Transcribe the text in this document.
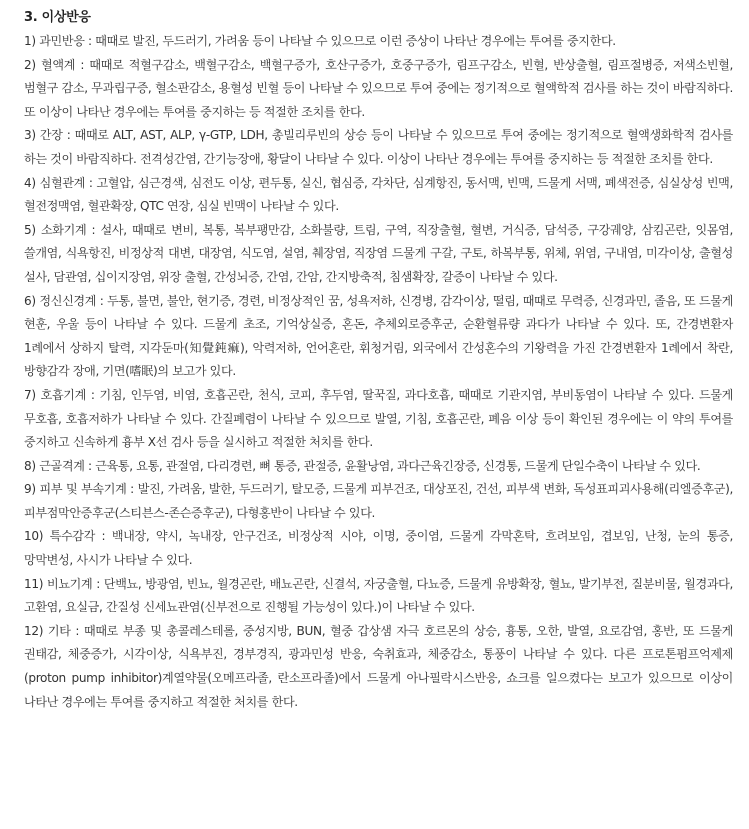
3. 이상반응

1) 과민반응 : 때때로 발진, 두드러기, 가려움 등이 나타날 수 있으므로 이런 증상이 나타난 경우에는 투여를 중지한다.

2) 혈액계 : 때때로 적혈구감소, 백혈구감소, 백혈구증가, 호산구증가, 호중구증가, 림프구감소, 빈혈, 반상출혈, 림프절병증, 저색소빈혈, 범혈구 감소, 무과립구증, 혈소판감소, 용혈성 빈혈 등이 나타날 수 있으므로 투여 중에는 정기적으로 혈액학적 검사를 하는 것이 바람직하다. 또 이상이 나타난 경우에는 투여를 중지하는 등 적절한 조치를 한다.

3) 간장 : 때때로 ALT, AST, ALP, γ-GTP, LDH, 총빌리루빈의 상승 등이 나타날 수 있으므로 투여 중에는 정기적으로 혈액생화학적 검사를 하는 것이 바람직하다. 전격성간염, 간기능장애, 황달이 나타날 수 있다. 이상이 나타난 경우에는 투여를 중지하는 등 적절한 조치를 한다.

4) 심혈관계 : 고혈압, 심근경색, 심전도 이상, 편두통, 실신, 협심증, 각차단, 심계항진, 동서맥, 빈맥, 드물게 서맥, 폐색전증, 심실상성 빈맥, 혈전정맥염, 혈관확장, QTC 연장, 심실 빈맥이 나타날 수 있다.

5) 소화기계 : 설사, 때때로 변비, 복통, 복부팽만감, 소화불량, 트림, 구역, 직장출혈, 혈변, 거식증, 담석증, 구강궤양, 삼킴곤란, 잇몸염, 쓸개염, 식욕항진, 비정상적 대변, 대장염, 식도염, 설염, 췌장염, 직장염 드물게 구갈, 구토, 하복부통, 위체, 위염, 구내염, 미각이상, 출혈성 설사, 담관염, 십이지장염, 위장 출혈, 간성뇌증, 간염, 간암, 간지방축적, 침샘확장, 갈증이 나타날 수 있다.

6) 정신신경계 : 두통, 불면, 불안, 현기증, 경련, 비정상적인 꿈, 성욕저하, 신경병, 감각이상, 떨림, 때때로 무력증, 신경과민, 졸음, 또 드물게 현훈, 우울 등이 나타날 수 있다. 드물게 초조, 기억상실증, 혼돈, 추체외로증후군, 순환혈류량 과다가 나타날 수 있다. 또, 간경변환자 1례에서 상하지 탈력, 지각둔마(知覺鈍痲), 악력저하, 언어혼란, 휘청거림, 외국에서 간성혼수의 기왕력을 가진 간경변환자 1례에서 착란, 방향감각 장애, 기면(嗜眠)의 보고가 있다.

7) 호흡기계 : 기침, 인두염, 비염, 호흡곤란, 천식, 코피, 후두염, 딸꾹질, 과다호흡, 때때로 기관지염, 부비동염이 나타날 수 있다. 드물게 무호흡, 호흡저하가 나타날 수 있다. 간질폐렴이 나타날 수 있으므로 발열, 기침, 호흡곤란, 폐음 이상 등이 확인된 경우에는 이 약의 투여를 중지하고 신속하게 흉부 X선 검사 등을 실시하고 적절한 처치를 한다.

8) 근골격계 : 근육통, 요통, 관절염, 다리경련, 뼈 통증, 관절증, 윤활낭염, 과다근육긴장증, 신경통, 드물게 단일수축이 나타날 수 있다.

9) 피부 및 부속기계 : 발진, 가려움, 발한, 두드러기, 탈모증, 드물게 피부건조, 대상포진, 건선, 피부색 변화, 독성표피괴사용해(리엘증후군), 피부점막안증후군(스티븐스-존슨증후군), 다형홍반이 나타날 수 있다.

10) 특수감각 : 백내장, 약시, 녹내장, 안구건조, 비정상적 시야, 이명, 중이염, 드물게 각막혼탁, 흐려보임, 겹보임, 난청, 눈의 통증, 망막변성, 사시가 나타날 수 있다.

11) 비뇨기계 : 단백뇨, 방광염, 빈뇨, 월경곤란, 배뇨곤란, 신결석, 자궁출혈, 다뇨증, 드물게 유방확장, 혈뇨, 발기부전, 질분비물, 월경과다, 고환염, 요실금, 간질성 신세뇨관염(신부전으로 진행될 가능성이 있다.)이 나타날 수 있다.

12) 기타 : 때때로 부종 및 총콜레스테롤, 중성지방, BUN, 혈중 갑상샘 자극 호르몬의 상승, 흉통, 오한, 발열, 요로감염, 홍반, 또 드물게 권태감, 체중증가, 시각이상, 식욕부진, 경부경직, 광과민성 반응, 숙취효과, 체중감소, 통풍이 나타날 수 있다. 다른 프로톤펌프억제제(proton pump inhibitor)계열약물(오메프라졸, 란소프라졸)에서 드물게 아나필락시스반응, 쇼크를 일으켰다는 보고가 있으므로 이상이 나타난 경우에는 투여를 중지하고 적절한 처치를 한다.
